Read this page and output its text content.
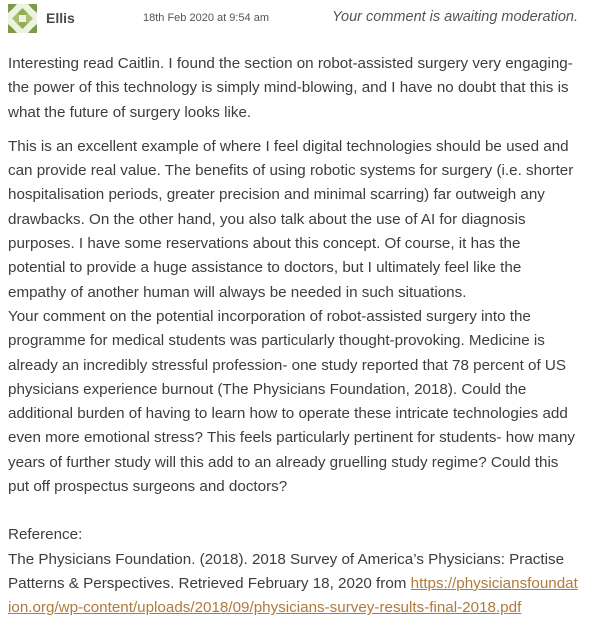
Ellis	18th Feb 2020 at 9:54 am	Your comment is awaiting moderation.

Interesting read Caitlin. I found the section on robot-assisted surgery very engaging- the power of this technology is simply mind-blowing, and I have no doubt that this is what the future of surgery looks like.

This is an excellent example of where I feel digital technologies should be used and can provide real value. The benefits of using robotic systems for surgery (i.e. shorter hospitalisation periods, greater precision and minimal scarring) far outweigh any drawbacks. On the other hand, you also talk about the use of AI for diagnosis purposes. I have some reservations about this concept. Of course, it has the potential to provide a huge assistance to doctors, but I ultimately feel like the empathy of another human will always be needed in such situations.

Your comment on the potential incorporation of robot-assisted surgery into the programme for medical students was particularly thought-provoking. Medicine is already an incredibly stressful profession- one study reported that 78 percent of US physicians experience burnout (The Physicians Foundation, 2018). Could the additional burden of having to learn how to operate these intricate technologies add even more emotional stress? This feels particularly pertinent for students- how many years of further study will this add to an already gruelling study regime? Could this put off prospectus surgeons and doctors?

Reference:
The Physicians Foundation. (2018). 2018 Survey of America’s Physicians: Practise Patterns & Perspectives. Retrieved February 18, 2020 from https://physiciansfoundation.org/wp-content/uploads/2018/09/physicians-survey-results-final-2018.pdf
